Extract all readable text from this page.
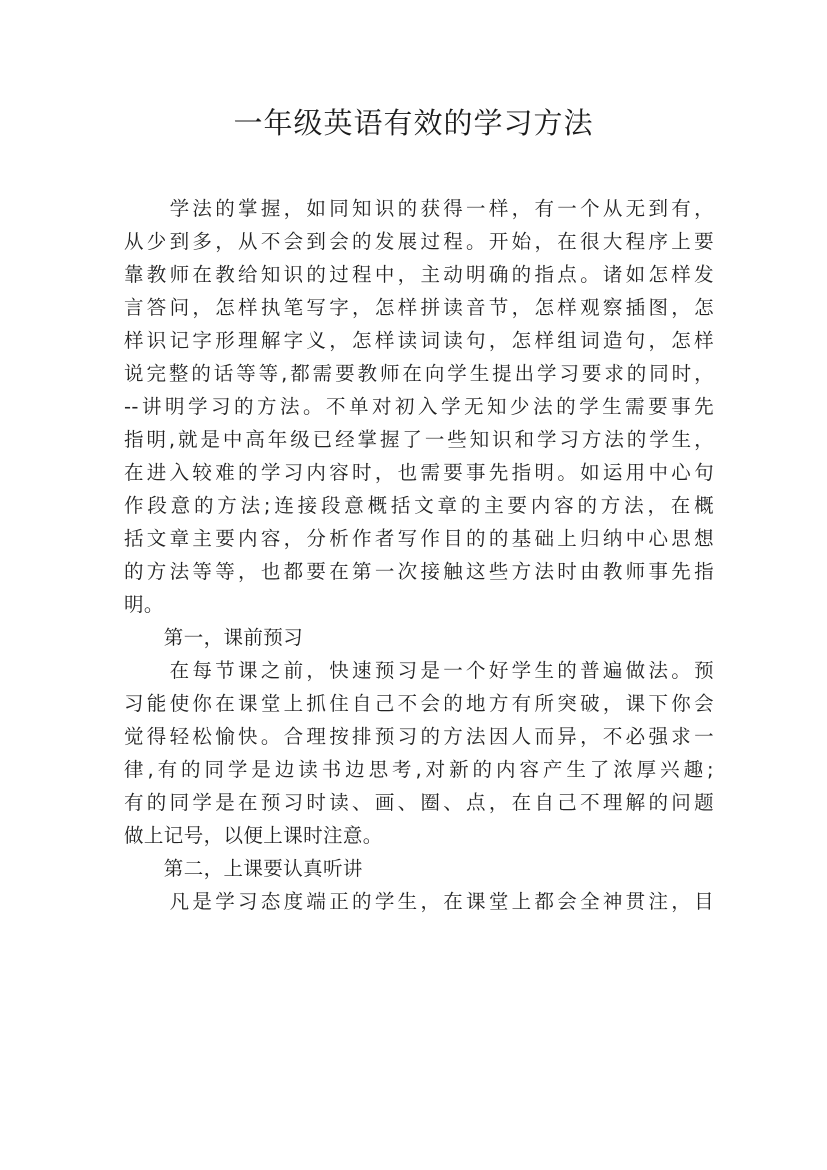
一年级英语有效的学习方法
　　学法的掌握，如同知识的获得一样，有一个从无到有，
从少到多，从不会到会的发展过程。开始，在很大程序上要
靠教师在教给知识的过程中，主动明确的指点。诸如怎样发
言答问，怎样执笔写字，怎样拼读音节，怎样观察插图，怎
样识记字形理解字义，怎样读词读句，怎样组词造句，怎样
说完整的话等等,都需要教师在向学生提出学习要求的同时，
--讲明学习的方法。不单对初入学无知少法的学生需要事先
指明,就是中高年级已经掌握了一些知识和学习方法的学生，
在进入较难的学习内容时，也需要事先指明。如运用中心句
作段意的方法;连接段意概括文章的主要内容的方法，在概
括文章主要内容，分析作者写作目的的基础上归纳中心思想
的方法等等，也都要在第一次接触这些方法时由教师事先指
明。
　　第一，课前预习
　　在每节课之前，快速预习是一个好学生的普遍做法。预
习能使你在课堂上抓住自己不会的地方有所突破，课下你会
觉得轻松愉快。合理按排预习的方法因人而异，不必强求一
律,有的同学是边读书边思考,对新的内容产生了浓厚兴趣;
有的同学是在预习时读、画、圈、点，在自己不理解的问题
做上记号，以便上课时注意。
　　第二，上课要认真听讲
　　凡是学习态度端正的学生，在课堂上都会全神贯注，目
